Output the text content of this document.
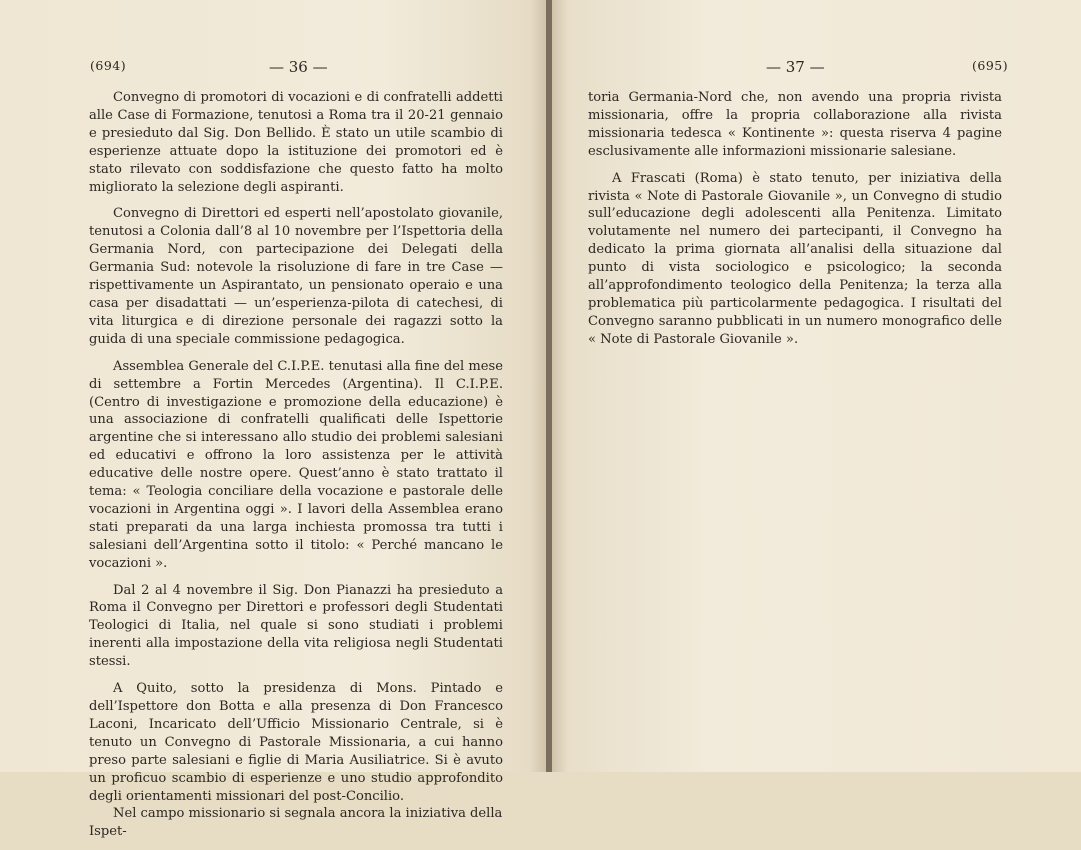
(694)	— 36 —

Convegno di promotori di vocazioni e di confratelli addetti alle Case di Formazione, tenutosi a Roma tra il 20-21 gennaio e presieduto dal Sig. Don Bellido. È stato un utile scambio di esperienze attuate dopo la istituzione dei promotori ed è stato rilevato con soddisfazione che questo fatto ha molto migliorato la selezione degli aspiranti.

Convegno di Direttori ed esperti nell’apostolato giovanile, tenutosi a Colonia dall’8 al 10 novembre per l’Ispettoria della Germania Nord, con partecipazione dei Delegati della Germania Sud: notevole la risoluzione di fare in tre Case — rispettivamente un Aspirantato, un pensionato operaio e una casa per disadattati — un’esperienza-pilota di catechesi, di vita liturgica e di direzione personale dei ragazzi sotto la guida di una speciale commissione pedagogica.

Assemblea Generale del C.I.P.E. tenutasi alla fine del mese di settembre a Fortin Mercedes (Argentina). Il C.I.P.E. (Centro di investigazione e promozione della educazione) è una associazione di confratelli qualificati delle Ispettorie argentine che si interessano allo studio dei problemi salesiani ed educativi e offrono la loro assistenza per le attività educative delle nostre opere. Quest’anno è stato trattato il tema: « Teologia conciliare della vocazione e pastorale delle vocazioni in Argentina oggi ». I lavori della Assemblea erano stati preparati da una larga inchiesta promossa tra tutti i salesiani dell’Argentina sotto il titolo: « Perché mancano le vocazioni ».

Dal 2 al 4 novembre il Sig. Don Pianazzi ha presieduto a Roma il Convegno per Direttori e professori degli Studentati Teologici di Italia, nel quale si sono studiati i problemi inerenti alla impostazione della vita religiosa negli Studentati stessi.

A Quito, sotto la presidenza di Mons. Pintado e dell’Ispettore don Botta e alla presenza di Don Francesco Laconi, Incaricato dell’Ufficio Missionario Centrale, si è tenuto un Convegno di Pastorale Missionaria, a cui hanno preso parte salesiani e figlie di Maria Ausiliatrice. Si è avuto un proficuo scambio di esperienze e uno studio approfondito degli orientamenti missionari del post-Concilio.

Nel campo missionario si segnala ancora la iniziativa della Ispet-

— 37 —	(695)

toria Germania-Nord che, non avendo una propria rivista missionaria, offre la propria collaborazione alla rivista missionaria tedesca « Kontinente »: questa riserva 4 pagine esclusivamente alle informazioni missionarie salesiane.

A Frascati (Roma) è stato tenuto, per iniziativa della rivista « Note di Pastorale Giovanile », un Convegno di studio sull’educazione degli adolescenti alla Penitenza. Limitato volutamente nel numero dei partecipanti, il Convegno ha dedicato la prima giornata all’analisi della situazione dal punto di vista sociologico e psicologico; la seconda all’approfondimento teologico della Penitenza; la terza alla problematica più particolarmente pedagogica. I risultati del Convegno saranno pubblicati in un numero monografico delle « Note di Pastorale Giovanile ».
